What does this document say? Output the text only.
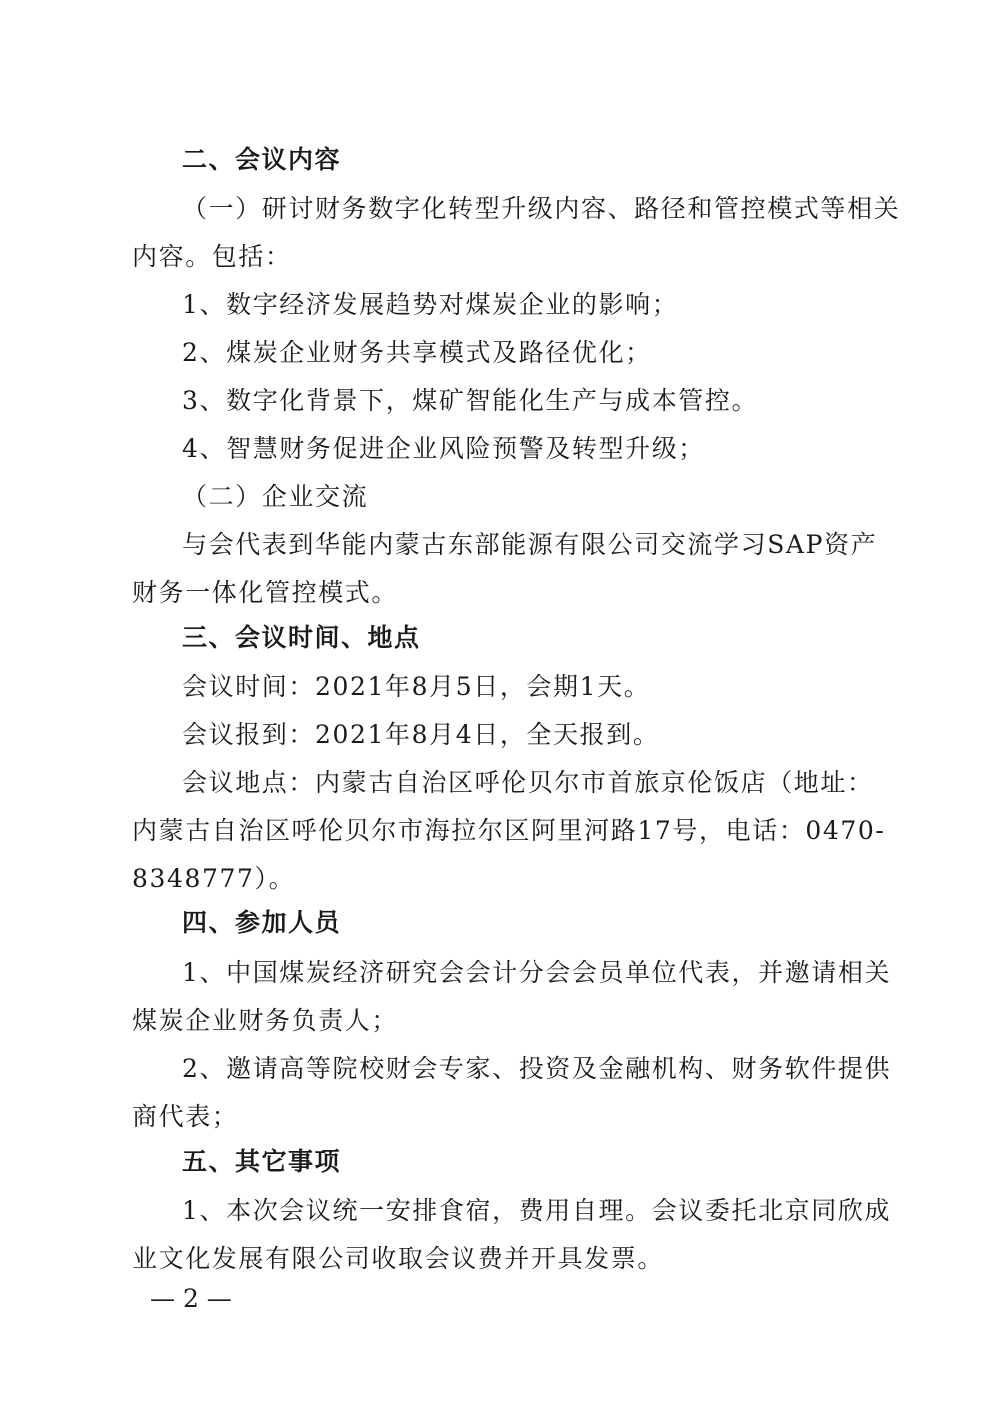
二、会议内容
（一）研讨财务数字化转型升级内容、路径和管控模式等相关
内容。包括：
1、数字经济发展趋势对煤炭企业的影响；
2、煤炭企业财务共享模式及路径优化；
3、数字化背景下，煤矿智能化生产与成本管控。
4、智慧财务促进企业风险预警及转型升级；
（二）企业交流
与会代表到华能内蒙古东部能源有限公司交流学习SAP资产
财务一体化管控模式。
三、会议时间、地点
会议时间：2021年8月5日，会期1天。
会议报到：2021年8月4日，全天报到。
会议地点：内蒙古自治区呼伦贝尔市首旅京伦饭店（地址：
内蒙古自治区呼伦贝尔市海拉尔区阿里河路17号，电话：0470-
8348777）。
四、参加人员
1、中国煤炭经济研究会会计分会会员单位代表，并邀请相关
煤炭企业财务负责人；
2、邀请高等院校财会专家、投资及金融机构、财务软件提供
商代表；
五、其它事项
1、本次会议统一安排食宿，费用自理。会议委托北京同欣成
业文化发展有限公司收取会议费并开具发票。
— 2 —
